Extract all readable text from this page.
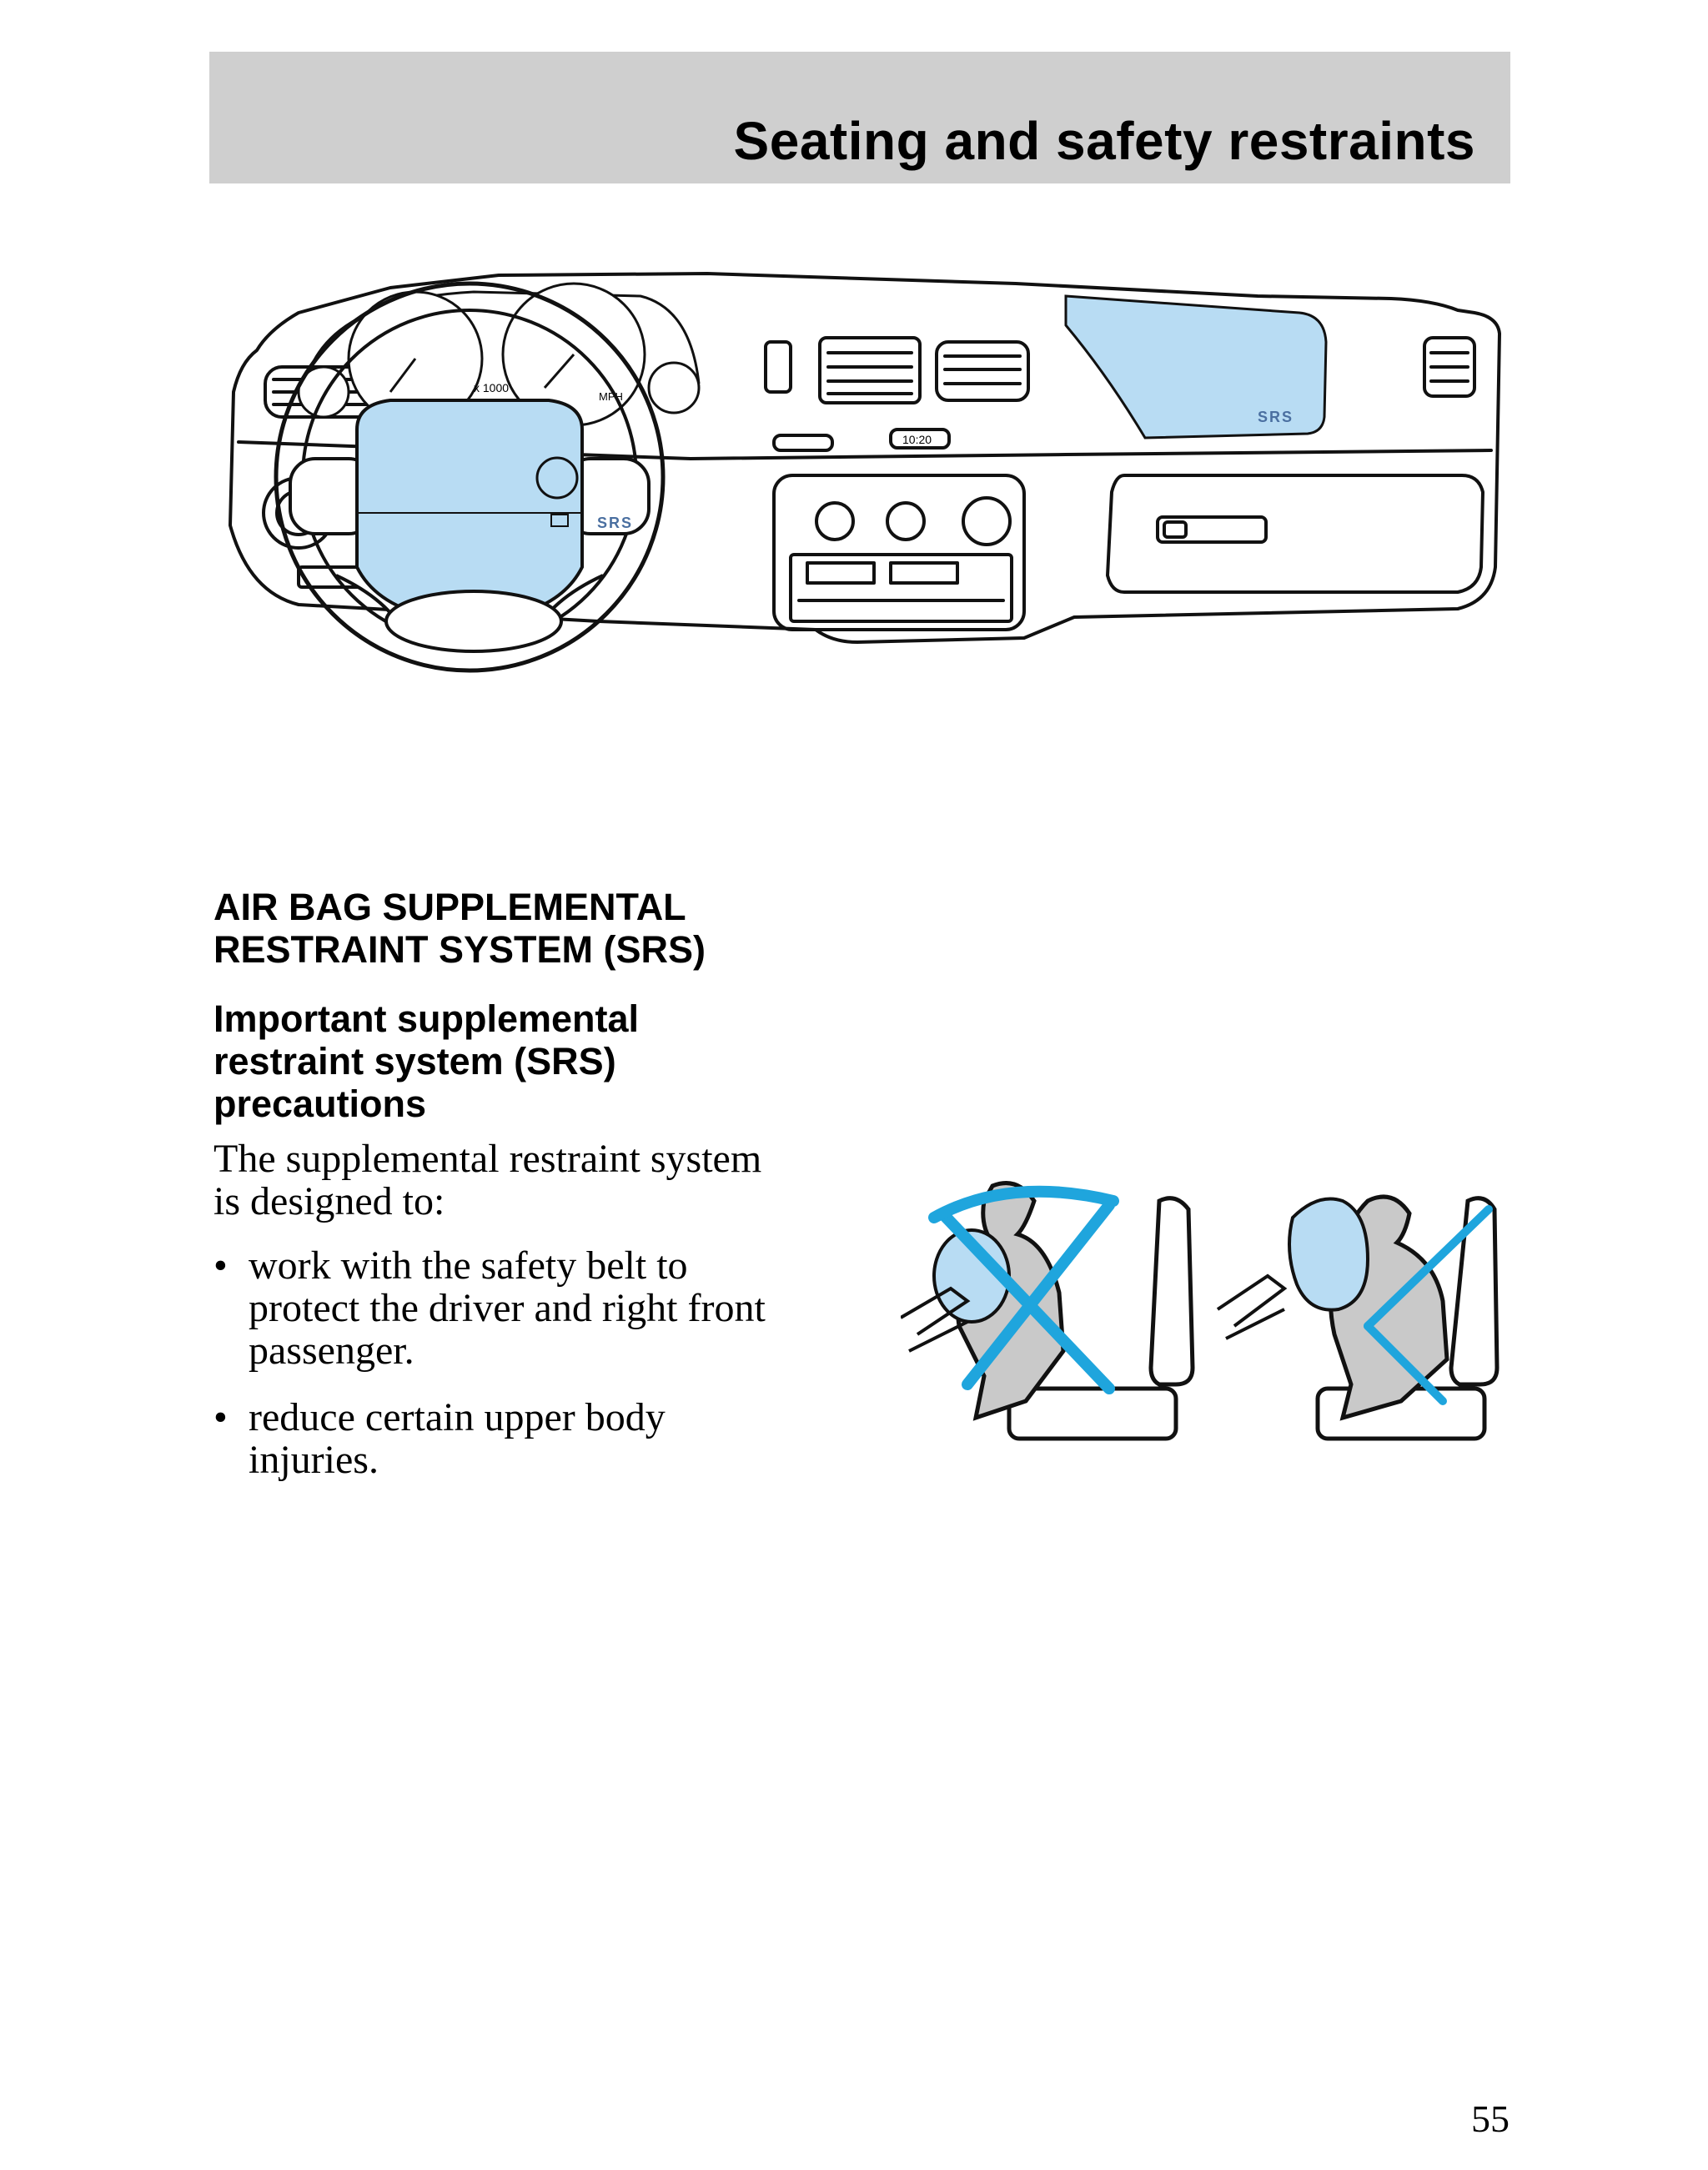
Seating and safety restraints
SRS
x 1000
MPH
10:20
SRS
AIR BAG SUPPLEMENTAL
RESTRAINT SYSTEM (SRS)
Important supplemental
restraint system (SRS)
precautions
The supplemental restraint system
is designed to:
• work with the safety belt to
protect the driver and right front
passenger.
• reduce certain upper body
injuries.
55
